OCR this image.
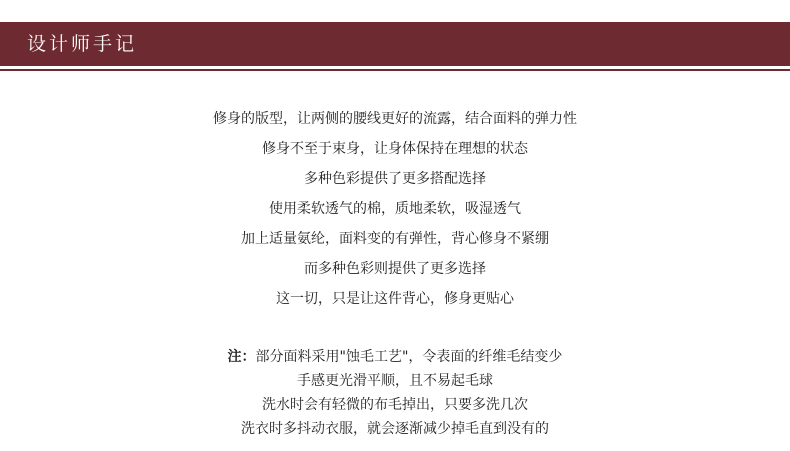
设计师手记
修身的版型，让两侧的腰线更好的流露，结合面料的弹力性
修身不至于束身，让身体保持在理想的状态
多种色彩提供了更多搭配选择
使用柔软透气的棉，质地柔软，吸湿透气
加上适量氨纶，面料变的有弹性，背心修身不紧绷
而多种色彩则提供了更多选择
这一切，只是让这件背心，修身更贴心
注：部分面料采用"蚀毛工艺"，令表面的纤维毛结变少
手感更光滑平顺，且不易起毛球
洗水时会有轻微的布毛掉出，只要多洗几次
洗衣时多抖动衣服，就会逐渐减少掉毛直到没有的
